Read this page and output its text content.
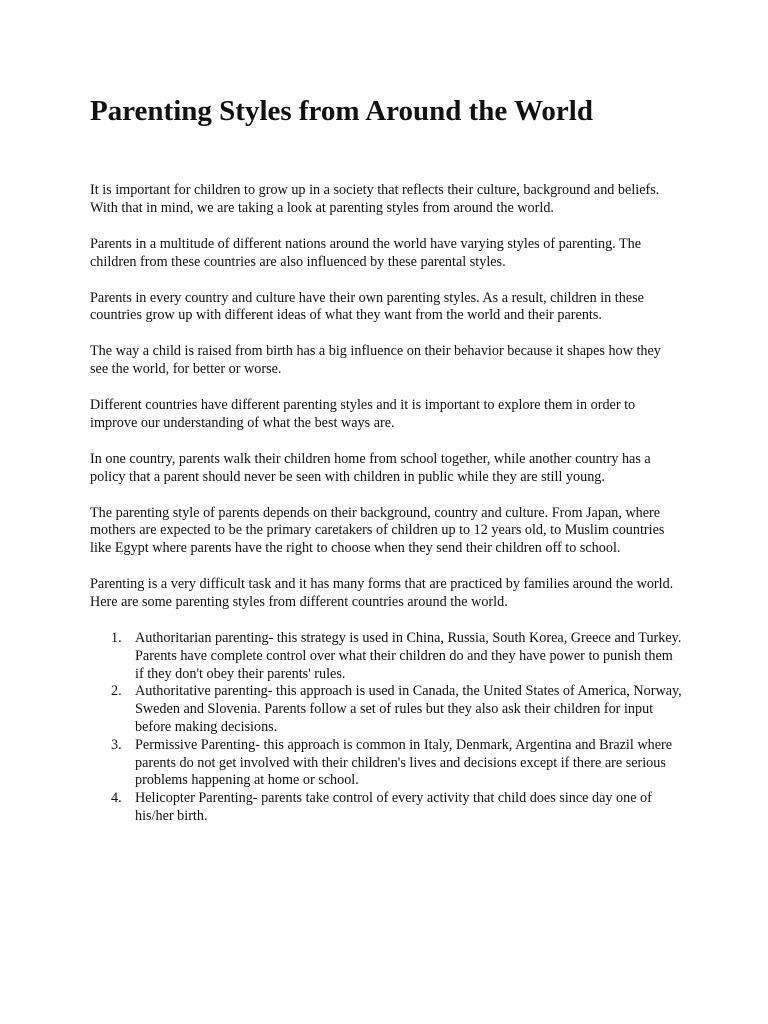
Parenting Styles from Around the World

It is important for children to grow up in a society that reflects their culture, background and beliefs. With that in mind, we are taking a look at parenting styles from around the world.

Parents in a multitude of different nations around the world have varying styles of parenting. The children from these countries are also influenced by these parental styles.

Parents in every country and culture have their own parenting styles. As a result, children in these countries grow up with different ideas of what they want from the world and their parents.

The way a child is raised from birth has a big influence on their behavior because it shapes how they see the world, for better or worse.

Different countries have different parenting styles and it is important to explore them in order to improve our understanding of what the best ways are.

In one country, parents walk their children home from school together, while another country has a policy that a parent should never be seen with children in public while they are still young.

The parenting style of parents depends on their background, country and culture. From Japan, where mothers are expected to be the primary caretakers of children up to 12 years old, to Muslim countries like Egypt where parents have the right to choose when they send their children off to school.

Parenting is a very difficult task and it has many forms that are practiced by families around the world. Here are some parenting styles from different countries around the world.

1. Authoritarian parenting- this strategy is used in China, Russia, South Korea, Greece and Turkey. Parents have complete control over what their children do and they have power to punish them if they don't obey their parents' rules.
2. Authoritative parenting- this approach is used in Canada, the United States of America, Norway, Sweden and Slovenia. Parents follow a set of rules but they also ask their children for input before making decisions.
3. Permissive Parenting- this approach is common in Italy, Denmark, Argentina and Brazil where parents do not get involved with their children's lives and decisions except if there are serious problems happening at home or school.
4. Helicopter Parenting- parents take control of every activity that child does since day one of his/her birth.
